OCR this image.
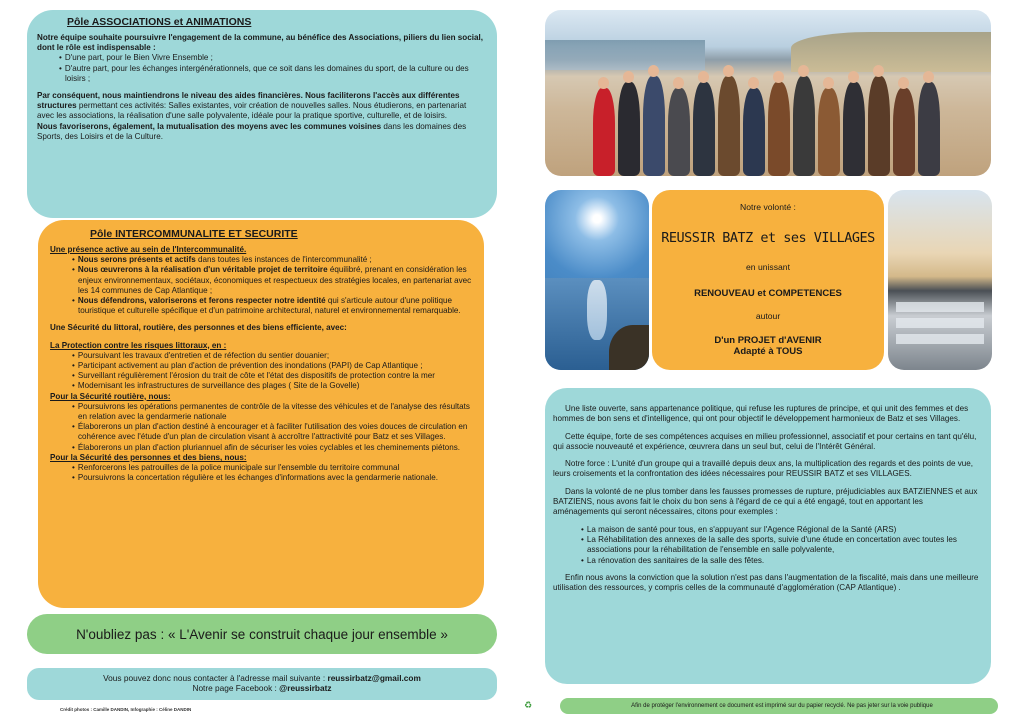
Pôle ASSOCIATIONS et ANIMATIONS
Notre équipe souhaite poursuivre l'engagement de la commune, au bénéfice des Associations, piliers du lien social, dont le rôle est indispensable :
• D'une part, pour le Bien Vivre Ensemble ;
• D'autre part, pour les échanges intergénérationnels, que ce soit dans les domaines du sport, de la culture ou des loisirs ;
Par conséquent, nous maintiendrons le niveau des aides financières. Nous faciliterons l'accès aux différentes structures permettant ces activités: Salles existantes, voir création de nouvelles salles. Nous étudierons, en partenariat avec les associations, la réalisation d'une salle polyvalente, idéale pour la pratique sportive, culturelle, et de loisirs.
Nous favoriserons, également, la mutualisation des moyens avec les communes voisines dans les domaines des Sports, des Loisirs et de la Culture.
Pôle INTERCOMMUNALITE ET SECURITE
Une présence active au sein de l'Intercommunalité.
• Nous serons présents et actifs dans toutes les instances de l'intercommunalité ;
• Nous œuvrerons à la réalisation d'un véritable projet de territoire équilibré, prenant en considération les enjeux environnementaux, sociétaux, économiques et respectueux des stratégies locales, en partenariat avec les 14 communes de Cap Atlantique ;
• Nous défendrons, valoriserons et ferons respecter notre identité qui s'articule autour d'une politique touristique et culturelle spécifique et d'un patrimoine architectural, naturel et environnemental remarquable.
Une Sécurité du littoral, routière, des personnes et des biens efficiente, avec:
La Protection contre les risques littoraux, en :
• Poursuivant les travaux d'entretien et de réfection du sentier douanier;
• Participant activement au plan d'action de prévention des inondations (PAPI) de Cap Atlantique ;
• Surveillant régulièrement l'érosion du trait de côte et l'état des dispositifs de protection contre la mer
• Modernisant les infrastructures de surveillance des plages ( Site de la Govelle)
Pour la Sécurité routière, nous:
• Poursuivrons les opérations permanentes de contrôle de la vitesse des véhicules et de l'analyse des résultats en relation avec la gendarmerie nationale
• Élaborerons un plan d'action destiné à encourager et à faciliter l'utilisation des voies douces de circulation en cohérence avec l'étude d'un plan de circulation visant à accroître l'attractivité pour Batz et ses Villages.
• Élaborerons un plan d'action pluriannuel afin de sécuriser les voies cyclables et les cheminements piétons.
Pour la Sécurité des personnes et des biens, nous:
• Renforcerons les patrouilles de la police municipale sur l'ensemble du territoire communal
• Poursuivrons la concertation régulière et les échanges d'informations avec la gendarmerie nationale.
N'oubliez pas : « L'Avenir se construit chaque jour ensemble »
Vous pouvez donc nous contacter à l'adresse mail suivante : reussirbatz@gmail.com
Notre page Facebook : @reussirbatz
Crédit photos : Camille DANDIN, Infographie : Céline DANDIN
Notre volonté :
REUSSIR BATZ et ses VILLAGES
en unissant
RENOUVEAU et COMPETENCES
autour
D'un PROJET d'AVENIR
Adapté à TOUS
Une liste ouverte, sans appartenance politique, qui refuse les ruptures de principe, et qui unit des femmes et des hommes de bon sens et d'intelligence, qui ont pour objectif le développement harmonieux de Batz et ses Villages.
Cette équipe, forte de ses compétences acquises en milieu professionnel, associatif et pour certains en tant qu'élu, qui associe nouveauté et expérience, œuvrera dans un seul but, celui de l'Intérêt Général.
Notre force : L'unité d'un groupe qui a travaillé depuis deux ans, la multiplication des regards et des points de vue, leurs croisements et la confrontation des idées nécessaires pour REUSSIR BATZ et ses VILLAGES.
Dans la volonté de ne plus tomber dans les fausses promesses de rupture, préjudiciables aux BATZIENNES et aux BATZIENS, nous avons fait le choix du bon sens à l'égard de ce qui a été engagé, tout en apportant les aménagements qui seront nécessaires, citons pour exemples :
• La maison de santé pour tous, en s'appuyant sur l'Agence Régional de la Santé (ARS)
• La Réhabilitation des annexes de la salle des sports, suivie d'une étude en concertation avec toutes les associations pour la réhabilitation de l'ensemble en salle polyvalente,
• La rénovation des sanitaires de la salle des fêtes.
Enfin nous avons la conviction que la solution n'est pas dans l'augmentation de la fiscalité, mais dans une meilleure utilisation des ressources, y compris celles de la communauté d'agglomération (CAP Atlantique) .
♻	Afin de protéger l'environnement ce document est imprimé sur du papier recyclé. Ne pas jeter sur la voie publique
